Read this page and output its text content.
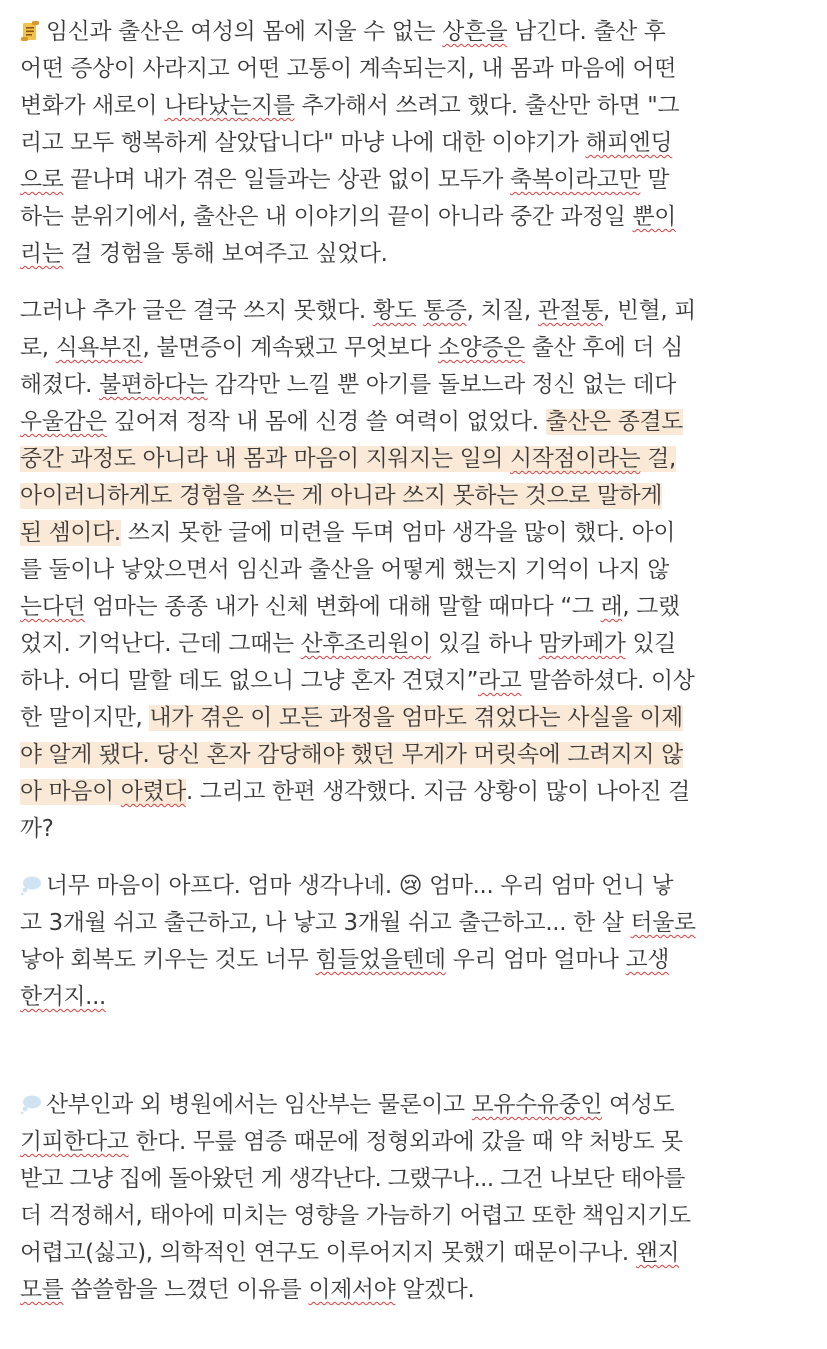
임신과 출산은 여성의 몸에 지울 수 없는 상흔을 남긴다. 출산 후
어떤 증상이 사라지고 어떤 고통이 계속되는지, 내 몸과 마음에 어떤
변화가 새로이 나타났는지를 추가해서 쓰려고 했다. 출산만 하면 "그
리고 모두 행복하게 살았답니다" 마냥 나에 대한 이야기가 해피엔딩
으로 끝나며 내가 겪은 일들과는 상관 없이 모두가 축복이라고만 말
하는 분위기에서, 출산은 내 이야기의 끝이 아니라 중간 과정일 뿐이
리는 걸 경험을 통해 보여주고 싶었다.
그러나 추가 글은 결국 쓰지 못했다. 황도 통증, 치질, 관절통, 빈혈, 피
로, 식욕부진, 불면증이 계속됐고 무엇보다 소양증은 출산 후에 더 심
해졌다. 불편하다는 감각만 느낄 뿐 아기를 돌보느라 정신 없는 데다
우울감은 깊어져 정작 내 몸에 신경 쓸 여력이 없었다. 출산은 종결도
중간 과정도 아니라 내 몸과 마음이 지워지는 일의 시작점이라는 걸,
아이러니하게도 경험을 쓰는 게 아니라 쓰지 못하는 것으로 말하게
된 셈이다. 쓰지 못한 글에 미련을 두며 엄마 생각을 많이 했다. 아이
를 둘이나 낳았으면서 임신과 출산을 어떻게 했는지 기억이 나지 않
는다던 엄마는 종종 내가 신체 변화에 대해 말할 때마다 “그 래, 그랬
었지. 기억난다. 근데 그때는 산후조리원이 있길 하나 맘카페가 있길
하나. 어디 말할 데도 없으니 그냥 혼자 견뎠지”라고 말씀하셨다. 이상
한 말이지만, 내가 겪은 이 모든 과정을 엄마도 겪었다는 사실을 이제
야 알게 됐다. 당신 혼자 감당해야 했던 무게가 머릿속에 그려지지 않
아 마음이 아렸다. 그리고 한편 생각했다. 지금 상황이 많이 나아진 걸
까?
너무 마음이 아프다. 엄마 생각나네. 😢 엄마... 우리 엄마 언니 낳
고 3개월 쉬고 출근하고, 나 낳고 3개월 쉬고 출근하고... 한 살 터울로
낳아 회복도 키우는 것도 너무 힘들었을텐데 우리 엄마 얼마나 고생
한거지...
산부인과 외 병원에서는 임산부는 물론이고 모유수유중인 여성도
기피한다고 한다. 무릎 염증 때문에 정형외과에 갔을 때 약 처방도 못
받고 그냥 집에 돌아왔던 게 생각난다. 그랬구나... 그건 나보단 태아를
더 걱정해서, 태아에 미치는 영향을 가늠하기 어렵고 또한 책임지기도
어렵고(싫고), 의학적인 연구도 이루어지지 못했기 때문이구나. 왠지
모를 씁쓸함을 느꼈던 이유를 이제서야 알겠다.
